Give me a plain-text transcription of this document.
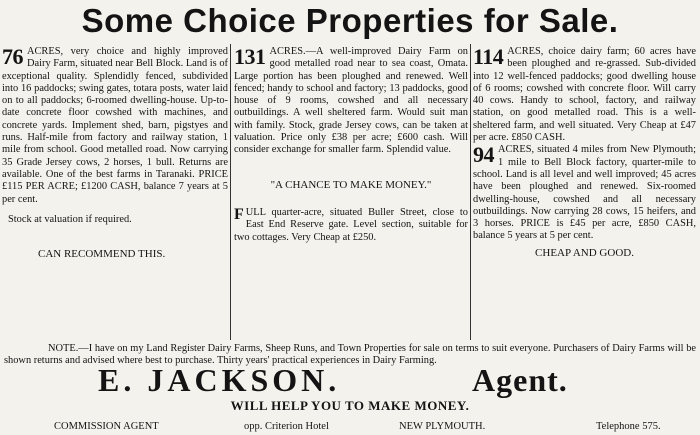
Some Choice Properties for Sale.

76 ACRES, very choice and highly improved Dairy Farm, situated near Bell Block. Land is of exceptional quality. Splendidly fenced, subdivided into 16 paddocks; swing gates, totara posts, water laid on to all paddocks; 6-roomed dwelling-house. Up-to-date concrete floor cowshed with machines, and concrete yards. Implement shed, barn, pigstyes and runs. Half-mile from factory and railway station, 1 mile from school. Good metalled road. Now carrying 35 Grade Jersey cows, 2 horses, 1 bull. Returns are available. One of the best farms in Taranaki. PRICE £115 PER ACRE; £1200 CASH, balance 7 years at 5 per cent.

Stock at valuation if required.

CAN RECOMMEND THIS.

131 ACRES.—A well-improved Dairy Farm on good metalled road near to sea coast, Omata. Large portion has been ploughed and renewed. Well fenced; handy to school and factory; 13 paddocks, good house of 9 rooms, cowshed and all necessary outbuildings. A well sheltered farm. Would suit man with family. Stock, grade Jersey cows, can be taken at valuation. Price only £38 per acre; £600 cash. Will consider exchange for smaller farm. Splendid value.

"A CHANCE TO MAKE MONEY."

FULL quarter-acre, situated Buller Street, close to East End Reserve gate. Level section, suitable for two cottages. Very Cheap at £250.

114 ACRES, choice dairy farm; 60 acres have been ploughed and re-grassed. Sub-divided into 12 well-fenced paddocks; good dwelling house of 6 rooms; cowshed with concrete floor. Will carry 40 cows. Handy to school, factory, and railway station, on good metalled road. This is a well-sheltered farm, and well situated. Very Cheap at £47 per acre. £850 CASH.

94 ACRES, situated 4 miles from New Plymouth; 1 mile to Bell Block factory, quarter-mile to school. Land is all level and well improved; 45 acres have been ploughed and renewed. Six-roomed dwelling-house, cowshed and all necessary outbuildings. Now carrying 28 cows, 15 heifers, and 3 horses. PRICE is £45 per acre, £850 CASH, balance 5 years at 5 per cent.

CHEAP AND GOOD.

NOTE.—I have on my Land Register Dairy Farms, Sheep Runs, and Town Properties for sale on terms to suit everyone. Purchasers of Dairy Farms will be shown returns and advised where best to purchase. Thirty years' practical experiences in Dairy Farming.

E. JACKSON.	Agent.
WILL HELP YOU TO MAKE MONEY.
COMMISSION AGENT	opp. Criterion Hotel	NEW PLYMOUTH.	Telephone 575.
